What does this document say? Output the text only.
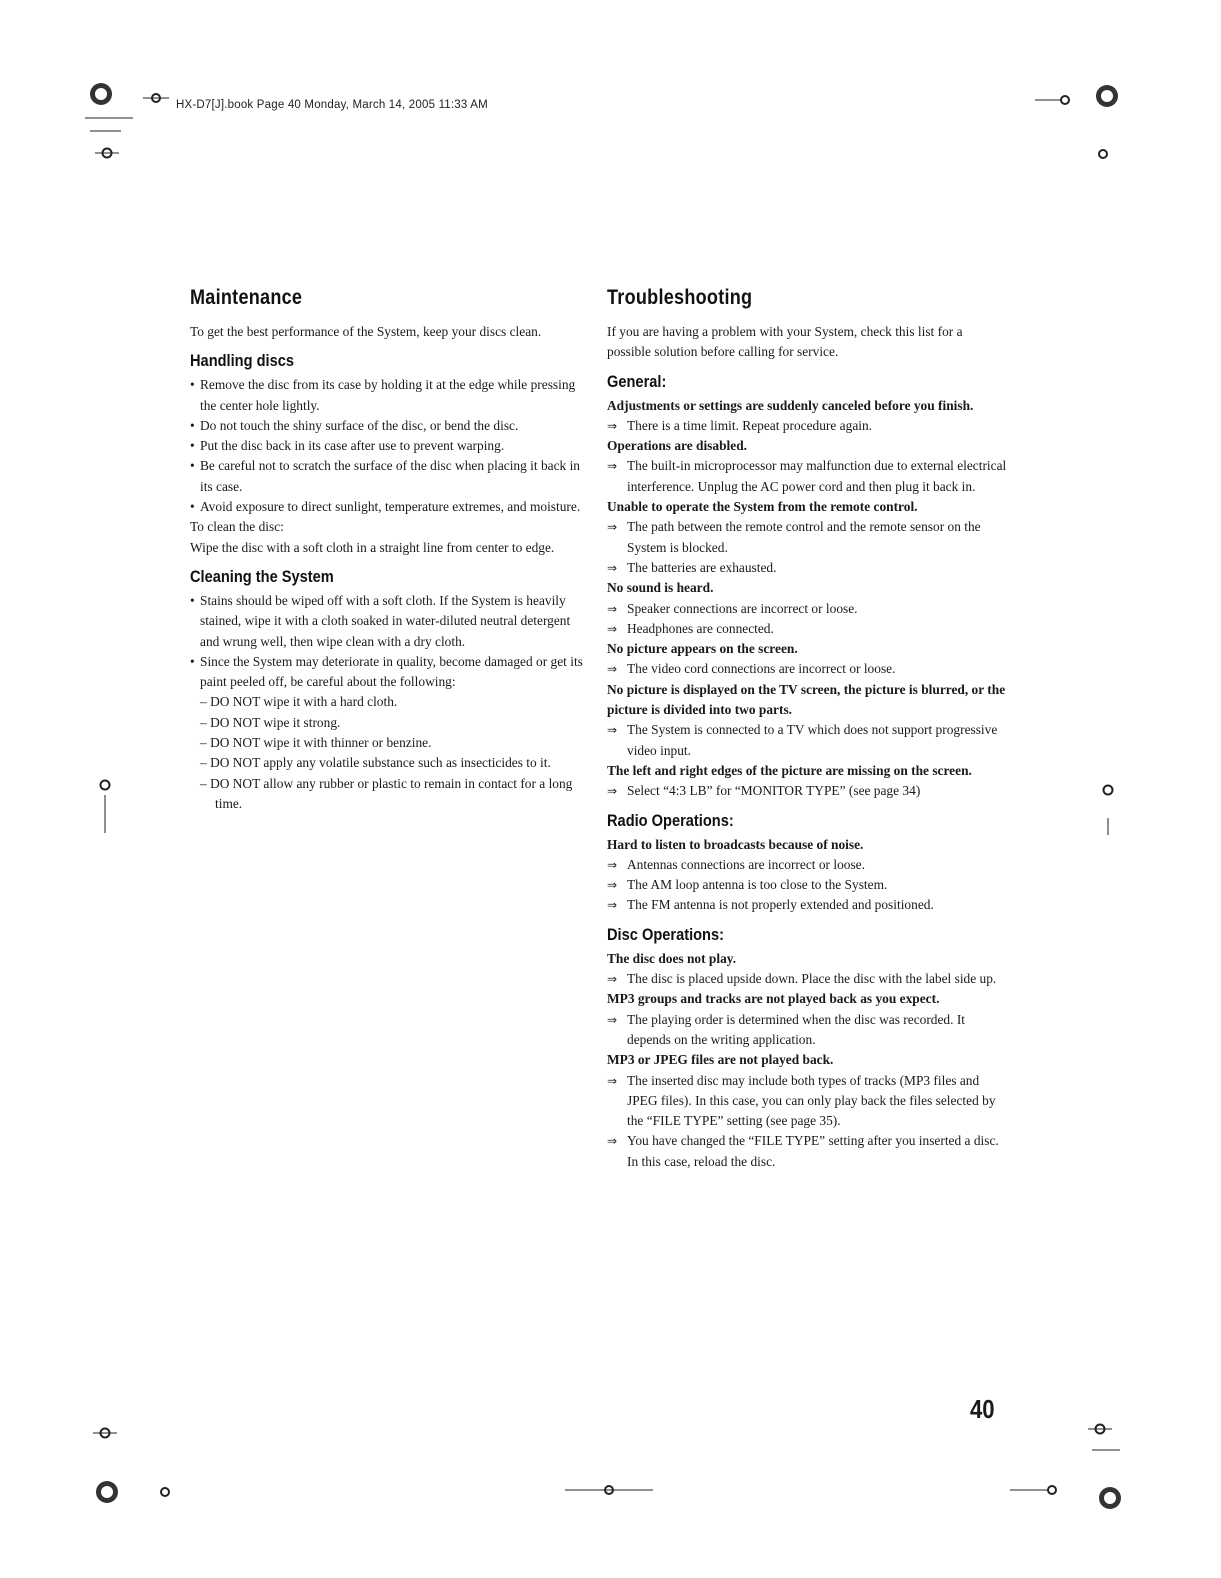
HX-D7[J].book Page 40 Monday, March 14, 2005 11:33 AM
Maintenance

To get the best performance of the System, keep your discs clean.

Handling discs
• Remove the disc from its case by holding it at the edge while pressing the center hole lightly.
• Do not touch the shiny surface of the disc, or bend the disc.
• Put the disc back in its case after use to prevent warping.
• Be careful not to scratch the surface of the disc when placing it back in its case.
• Avoid exposure to direct sunlight, temperature extremes, and moisture.

To clean the disc:

Wipe the disc with a soft cloth in a straight line from center to edge.

Cleaning the System
• Stains should be wiped off with a soft cloth. If the System is heavily stained, wipe it with a cloth soaked in water-diluted neutral detergent and wrung well, then wipe clean with a dry cloth.
• Since the System may deteriorate in quality, become damaged or get its paint peeled off, be careful about the following:
– DO NOT wipe it with a hard cloth.
– DO NOT wipe it strong.
– DO NOT wipe it with thinner or benzine.
– DO NOT apply any volatile substance such as insecticides to it.
– DO NOT allow any rubber or plastic to remain in contact for a long time.
Troubleshooting

If you are having a problem with your System, check this list for a possible solution before calling for service.

General:
Adjustments or settings are suddenly canceled before you finish.
⇒ There is a time limit. Repeat procedure again.
Operations are disabled.
⇒ The built-in microprocessor may malfunction due to external electrical interference. Unplug the AC power cord and then plug it back in.
Unable to operate the System from the remote control.
⇒ The path between the remote control and the remote sensor on the System is blocked.
⇒ The batteries are exhausted.
No sound is heard.
⇒ Speaker connections are incorrect or loose.
⇒ Headphones are connected.
No picture appears on the screen.
⇒ The video cord connections are incorrect or loose.
No picture is displayed on the TV screen, the picture is blurred, or the picture is divided into two parts.
⇒ The System is connected to a TV which does not support progressive video input.
The left and right edges of the picture are missing on the screen.
⇒ Select “4:3 LB” for “MONITOR TYPE” (see page 34)
Radio Operations:
Hard to listen to broadcasts because of noise.
⇒ Antennas connections are incorrect or loose.
⇒ The AM loop antenna is too close to the System.
⇒ The FM antenna is not properly extended and positioned.
Disc Operations:
The disc does not play.
⇒ The disc is placed upside down. Place the disc with the label side up.
MP3 groups and tracks are not played back as you expect.
⇒ The playing order is determined when the disc was recorded. It depends on the writing application.
MP3 or JPEG files are not played back.
⇒ The inserted disc may include both types of tracks (MP3 files and JPEG files). In this case, you can only play back the files selected by the “FILE TYPE” setting (see page 35).
⇒ You have changed the “FILE TYPE” setting after you inserted a disc. In this case, reload the disc.
40
